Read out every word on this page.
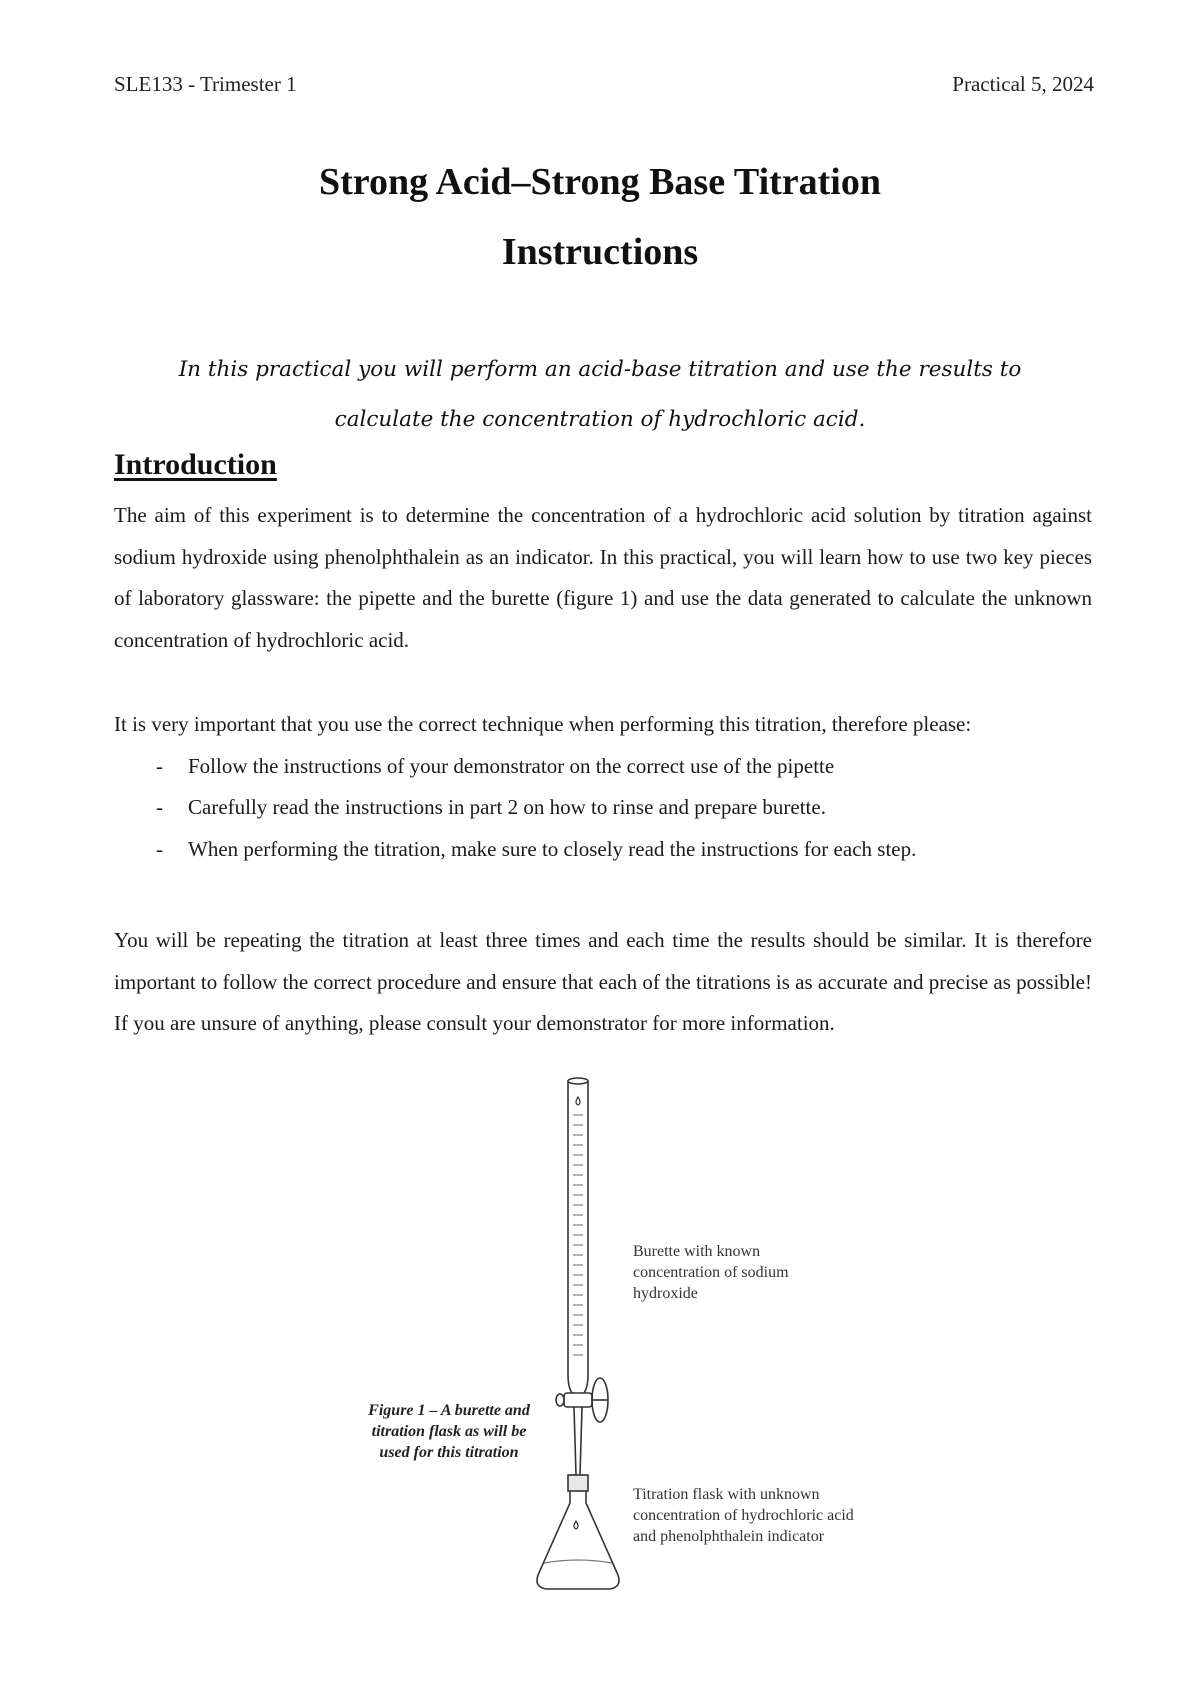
SLE133 - Trimester 1	Practical 5, 2024
Strong Acid–Strong Base Titration
Instructions
In this practical you will perform an acid-base titration and use the results to calculate the concentration of hydrochloric acid.
Introduction
The aim of this experiment is to determine the concentration of a hydrochloric acid solution by titration against sodium hydroxide using phenolphthalein as an indicator. In this practical, you will learn how to use two key pieces of laboratory glassware: the pipette and the burette (figure 1) and use the data generated to calculate the unknown concentration of hydrochloric acid.
It is very important that you use the correct technique when performing this titration, therefore please:
- Follow the instructions of your demonstrator on the correct use of the pipette
- Carefully read the instructions in part 2 on how to rinse and prepare burette.
- When performing the titration, make sure to closely read the instructions for each step.
You will be repeating the titration at least three times and each time the results should be similar. It is therefore important to follow the correct procedure and ensure that each of the titrations is as accurate and precise as possible! If you are unsure of anything, please consult your demonstrator for more information.
Figure 1 – A burette and titration flask as will be used for this titration
Burette with known concentration of sodium hydroxide
Titration flask with unknown concentration of hydrochloric acid and phenolphthalein indicator
